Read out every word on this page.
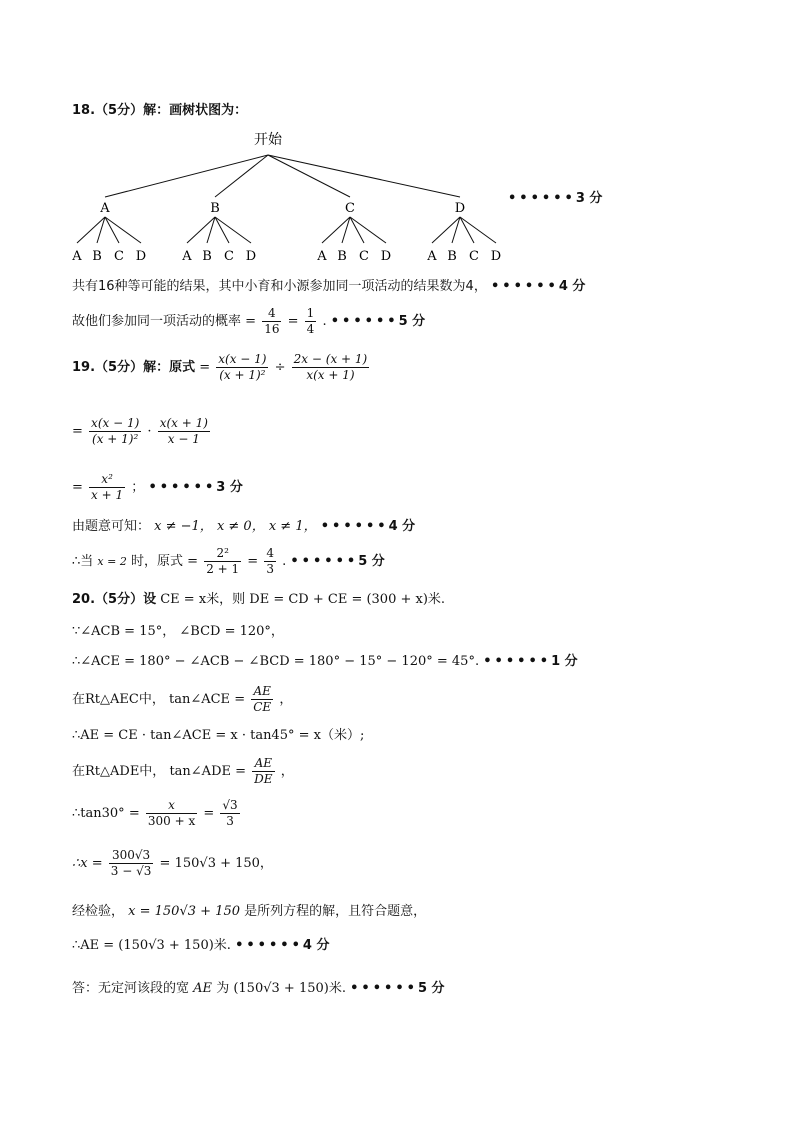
18.（5分）解：画树状图为：
开始
A	B	C	D
A B C D	A B C D	A B C D	A B C D
••••••3 分
共有16种等可能的结果，其中小育和小源参加同一项活动的结果数为4， ••••••4 分
故他们参加同一项活动的概率 = $\frac{4}{16} = \frac{1}{4}$ . ••••••5 分
19.（5分）解：原式 = $\frac{x(x - 1)}{\text{(x + 1)²}} \div \frac{2x - (x + 1)}{x(x + 1)}$
= $\frac{x(x - 1)}{\text{(x + 1)²}} \cdot \frac{x(x + 1)}{x - 1}$
= $\frac{\text{x²}}{x + 1}$ ； ••••••3 分
由题意可知： x ≠ −1， x ≠ 0， x ≠ 1， ••••••4 分
∴当 x = 2 时，原式 = $\frac{\text{2²}}{2 + 1} = \frac{4}{3}$ . ••••••5 分
20.（5分）设 CE = x米，则 DE = CD + CE = (300 + x)米.
∵∠ACB = 15°， ∠BCD = 120°，
∴∠ACE = 180° − ∠ACB − ∠BCD = 180° − 15° − 120° = 45°. ••••••1 分
在Rt△AEC中， tan∠ACE = $\frac{AE}{CE}$ ，
∴AE = CE · tan∠ACE = x · tan45° = x（米）;
在Rt△ADE中， tan∠ADE = $\frac{AE}{DE}$ ，
∴tan30° = $\frac{x}{300 + x} = \frac{√3}{3}$
∴x = $\frac{300√3}{3 - √3} = 150√3 + 150$，
经检验， x = 150√3 + 150 是所列方程的解，且符合题意，
∴AE = (150√3 + 150)米. ••••••4 分
答：无定河该段的宽 AE 为 (150√3 + 150)米. ••••••5 分
